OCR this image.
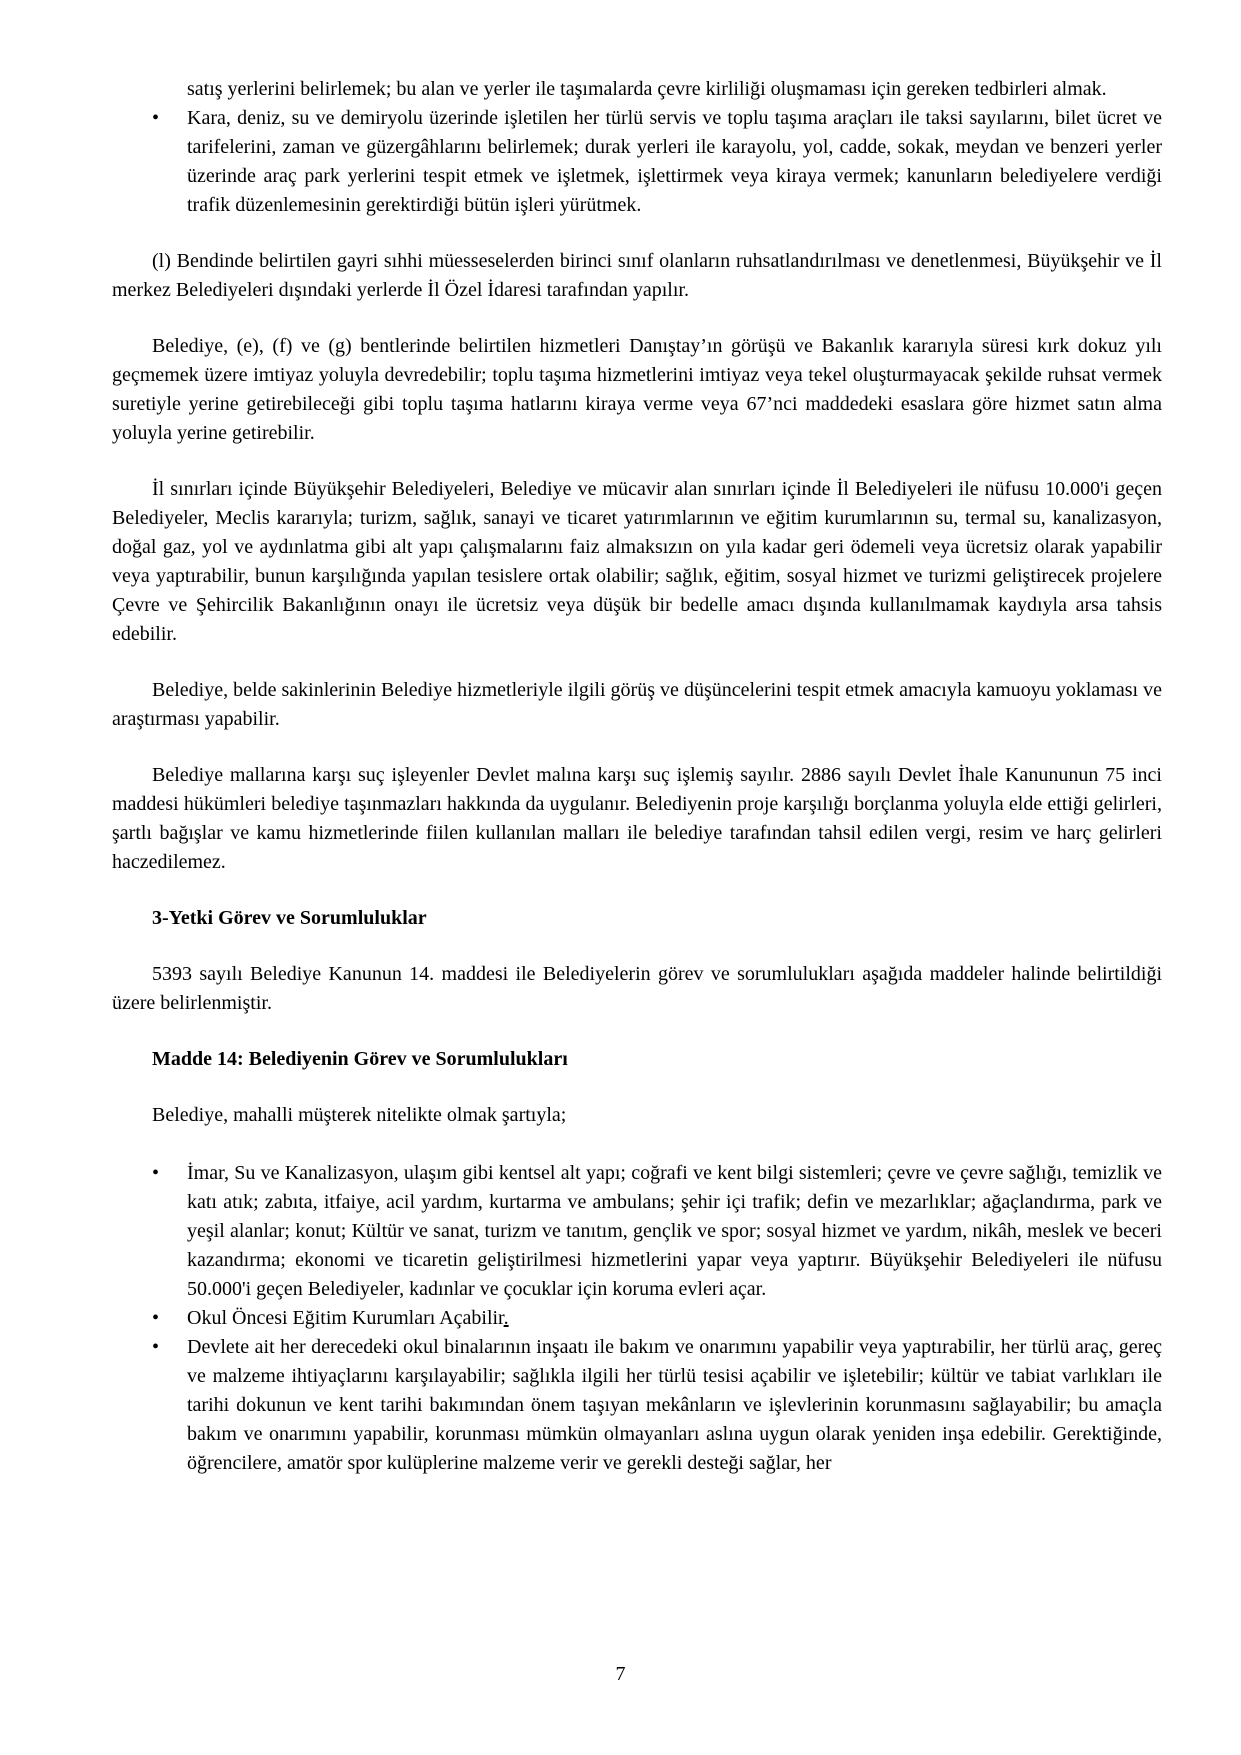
satış yerlerini belirlemek; bu alan ve yerler ile taşımalarda çevre kirliliği oluşmaması için gereken tedbirleri almak.

•	Kara, deniz, su ve demiryolu üzerinde işletilen her türlü servis ve toplu taşıma araçları ile taksi sayılarını, bilet ücret ve tarifelerini, zaman ve güzergâhlarını belirlemek; durak yerleri ile karayolu, yol, cadde, sokak, meydan ve benzeri yerler üzerinde araç park yerlerini tespit etmek ve işletmek, işlettirmek veya kiraya vermek; kanunların belediyelere verdiği trafik düzenlemesinin gerektirdiği bütün işleri yürütmek.

(l) Bendinde belirtilen gayri sıhhi müesseselerden birinci sınıf olanların ruhsatlandırılması ve denetlenmesi, Büyükşehir ve İl merkez Belediyeleri dışındaki yerlerde İl Özel İdaresi tarafından yapılır.

Belediye, (e), (f) ve (g) bentlerinde belirtilen hizmetleri Danıştay’ın görüşü ve Bakanlık kararıyla süresi kırk dokuz yılı geçmemek üzere imtiyaz yoluyla devredebilir; toplu taşıma hizmetlerini imtiyaz veya tekel oluşturmayacak şekilde ruhsat vermek suretiyle yerine getirebileceği gibi toplu taşıma hatlarını kiraya verme veya 67’nci maddedeki esaslara göre hizmet satın alma yoluyla yerine getirebilir.

İl sınırları içinde Büyükşehir Belediyeleri, Belediye ve mücavir alan sınırları içinde İl Belediyeleri ile nüfusu 10.000'i geçen Belediyeler, Meclis kararıyla; turizm, sağlık, sanayi ve ticaret yatırımlarının ve eğitim kurumlarının su, termal su, kanalizasyon, doğal gaz, yol ve aydınlatma gibi alt yapı çalışmalarını faiz almaksızın on yıla kadar geri ödemeli veya ücretsiz olarak yapabilir veya yaptırabilir, bunun karşılığında yapılan tesislere ortak olabilir; sağlık, eğitim, sosyal hizmet ve turizmi geliştirecek projelere Çevre ve Şehircilik Bakanlığının onayı ile ücretsiz veya düşük bir bedelle amacı dışında kullanılmamak kaydıyla arsa tahsis edebilir.

Belediye, belde sakinlerinin Belediye hizmetleriyle ilgili görüş ve düşüncelerini tespit etmek amacıyla kamuoyu yoklaması ve araştırması yapabilir.

Belediye mallarına karşı suç işleyenler Devlet malına karşı suç işlemiş sayılır. 2886 sayılı Devlet İhale Kanununun 75 inci maddesi hükümleri belediye taşınmazları hakkında da uygulanır. Belediyenin proje karşılığı borçlanma yoluyla elde ettiği gelirleri, şartlı bağışlar ve kamu hizmetlerinde fiilen kullanılan malları ile belediye tarafından tahsil edilen vergi, resim ve harç gelirleri haczedilemez.

3-Yetki Görev ve Sorumluluklar

5393 sayılı Belediye Kanunun 14. maddesi ile Belediyelerin görev ve sorumlulukları aşağıda maddeler halinde belirtildiği üzere belirlenmiştir.

Madde 14: Belediyenin Görev ve Sorumlulukları

Belediye, mahalli müşterek nitelikte olmak şartıyla;

•	İmar, Su ve Kanalizasyon, ulaşım gibi kentsel alt yapı; coğrafi ve kent bilgi sistemleri; çevre ve çevre sağlığı, temizlik ve katı atık; zabıta, itfaiye, acil yardım, kurtarma ve ambulans; şehir içi trafik; defin ve mezarlıklar; ağaçlandırma, park ve yeşil alanlar; konut; Kültür ve sanat, turizm ve tanıtım, gençlik ve spor; sosyal hizmet ve yardım, nikâh, meslek ve beceri kazandırma; ekonomi ve ticaretin geliştirilmesi hizmetlerini yapar veya yaptırır. Büyükşehir Belediyeleri ile nüfusu 50.000'i geçen Belediyeler, kadınlar ve çocuklar için koruma evleri açar.
•	Okul Öncesi Eğitim Kurumları Açabilir.
•	Devlete ait her derecedeki okul binalarının inşaatı ile bakım ve onarımını yapabilir veya yaptırabilir, her türlü araç, gereç ve malzeme ihtiyaçlarını karşılayabilir; sağlıkla ilgili her türlü tesisi açabilir ve işletebilir; kültür ve tabiat varlıkları ile tarihi dokunun ve kent tarihi bakımından önem taşıyan mekânların ve işlevlerinin korunmasını sağlayabilir; bu amaçla bakım ve onarımını yapabilir, korunması mümkün olmayanları aslına uygun olarak yeniden inşa edebilir. Gerektiğinde, öğrencilere, amatör spor kulüplerine malzeme verir ve gerekli desteği sağlar, her
7
